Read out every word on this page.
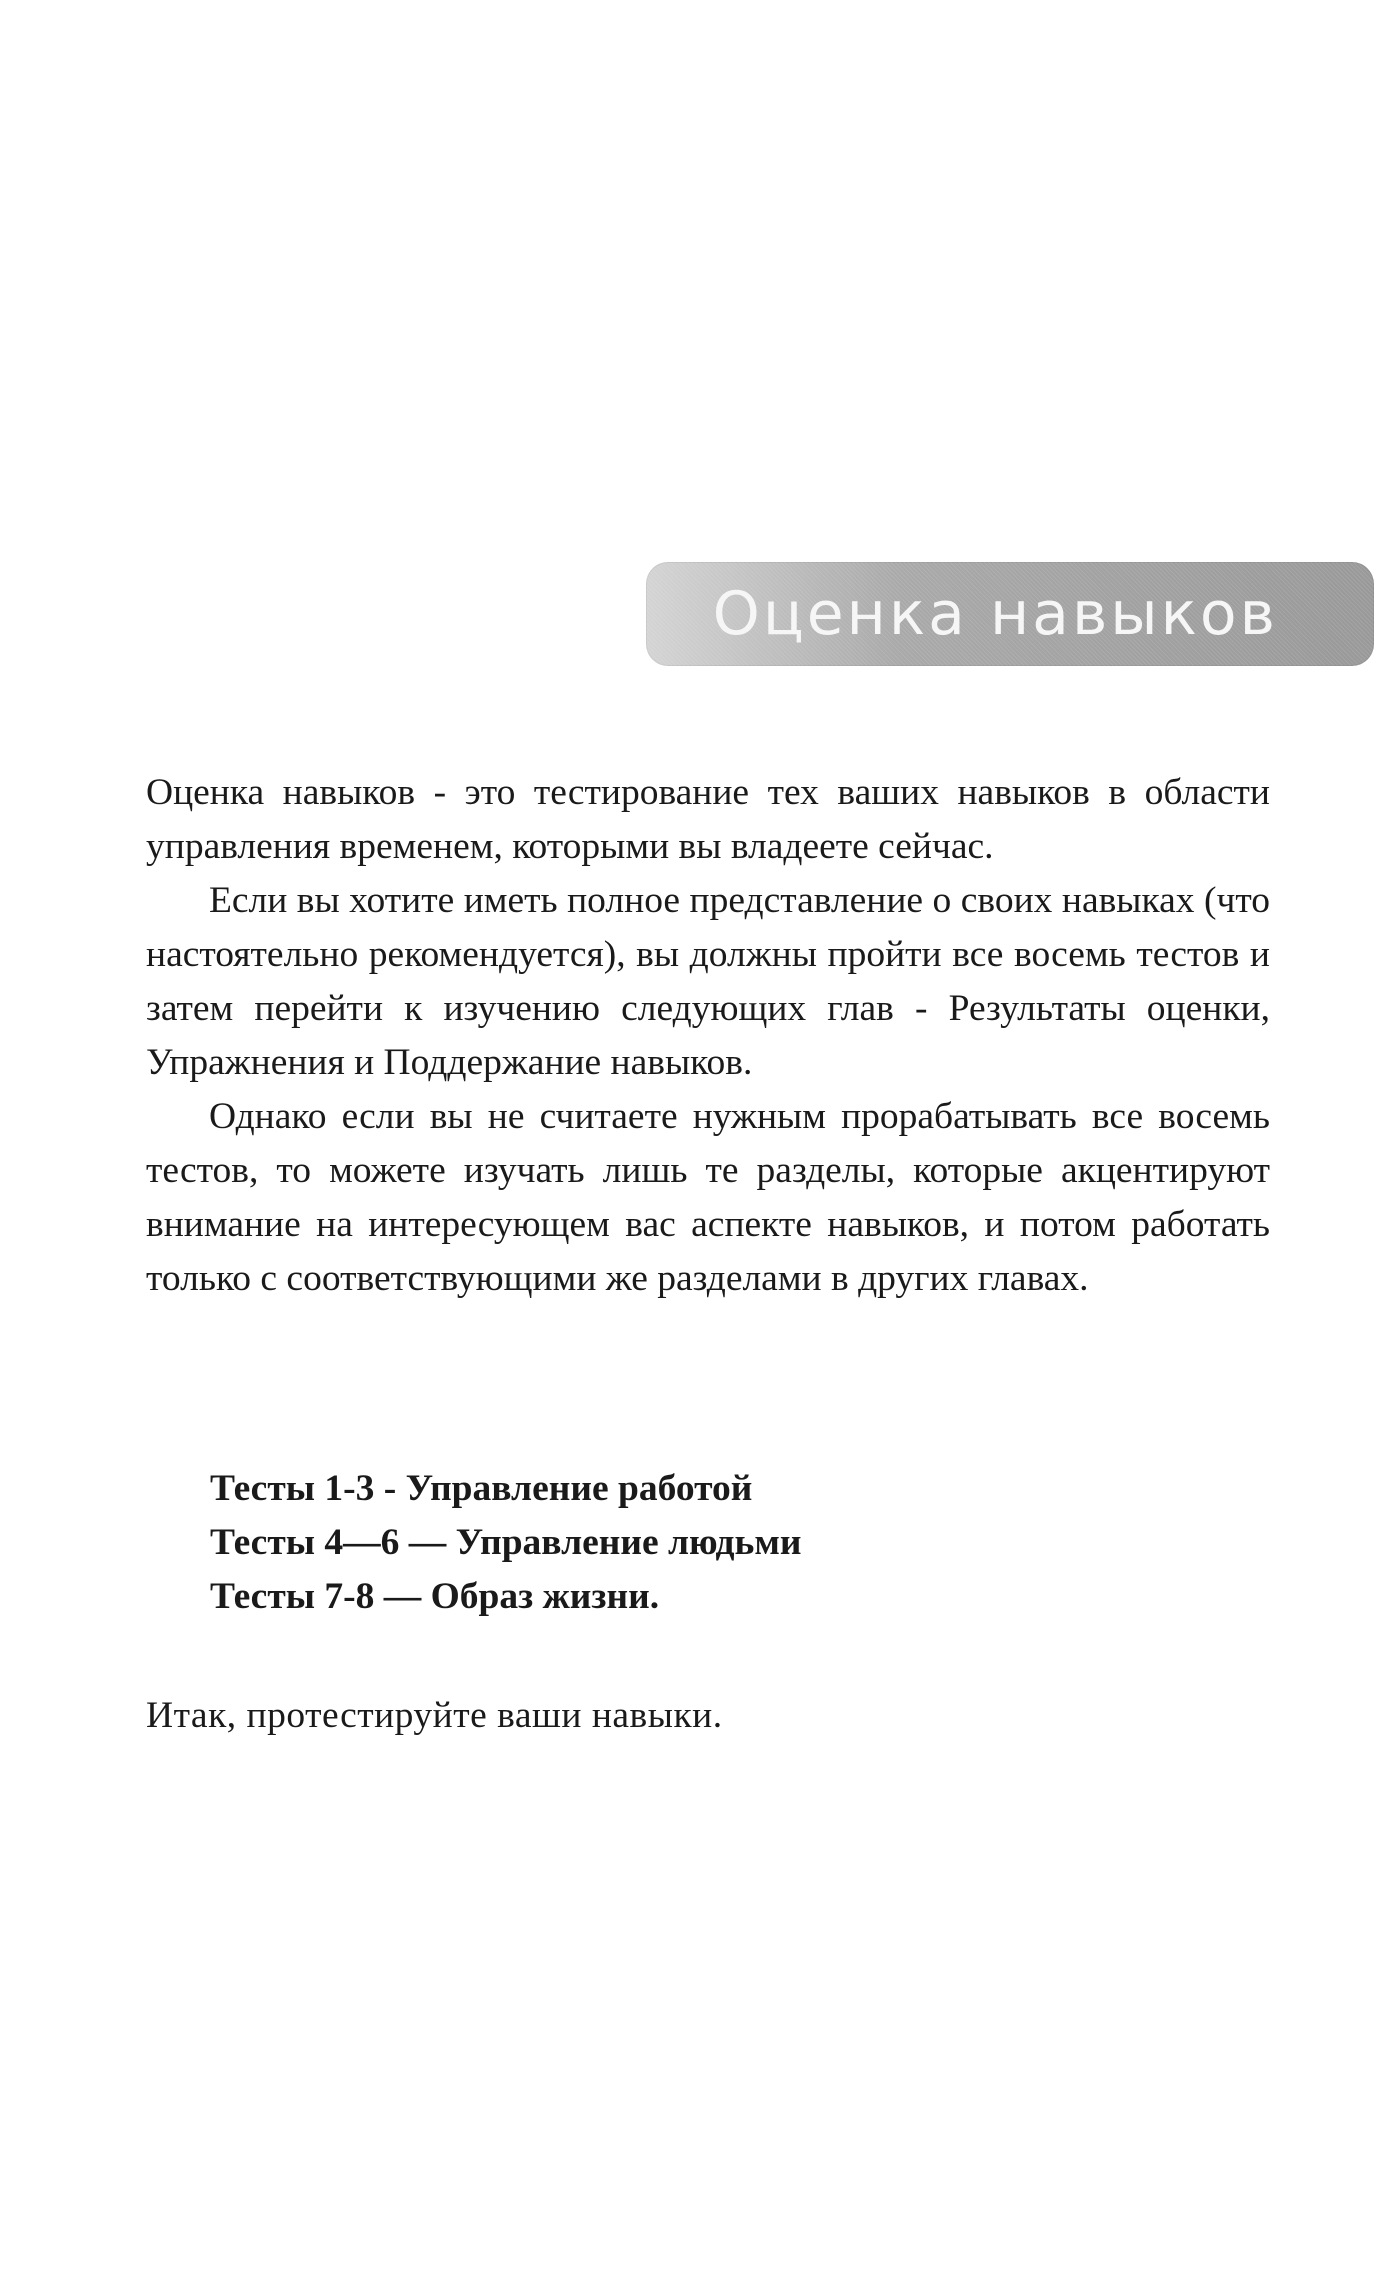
Оценка навыков

Оценка навыков - это тестирование тех ваших навыков в области управления временем, которыми вы владеете сейчас.

Если вы хотите иметь полное представление о своих навыках (что настоятельно рекомендуется), вы должны пройти все восемь тестов и затем перейти к изучению следующих глав - Результаты оценки, Упражнения и Поддержание навыков.

Однако если вы не считаете нужным прорабатывать все восемь тестов, то можете изучать лишь те разделы, которые акцентируют внимание на интересующем вас аспекте навыков, и потом работать только с соответствующими же разделами в других главах.

Тесты 1-3 - Управление работой
Тесты 4—6 — Управление людьми
Тесты 7-8 — Образ жизни.
Итак, протестируйте ваши навыки.
